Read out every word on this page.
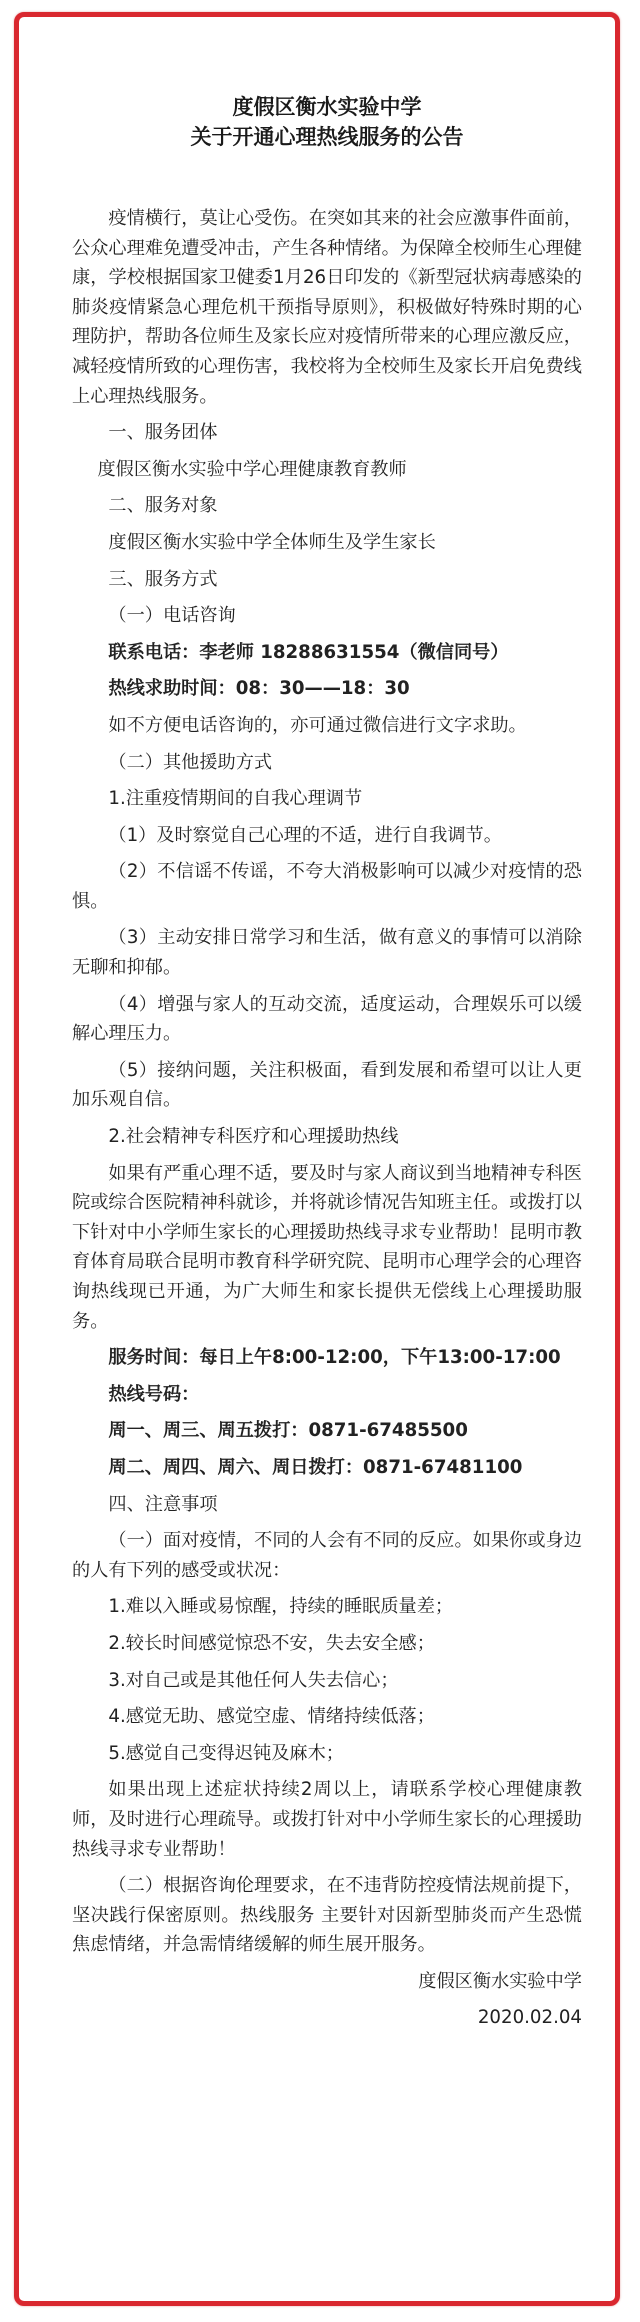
度假区衡水实验中学
关于开通心理热线服务的公告

疫情横行，莫让心受伤。在突如其来的社会应激事件面前，公众心理难免遭受冲击，产生各种情绪。为保障全校师生心理健康，学校根据国家卫健委1月26日印发的《新型冠状病毒感染的肺炎疫情紧急心理危机干预指导原则》，积极做好特殊时期的心理防护，帮助各位师生及家长应对疫情所带来的心理应激反应，减轻疫情所致的心理伤害，我校将为全校师生及家长开启免费线上心理热线服务。

一、服务团体

度假区衡水实验中学心理健康教育教师

二、服务对象

度假区衡水实验中学全体师生及学生家长

三、服务方式

（一）电话咨询

联系电话：李老师 18288631554（微信同号）

热线求助时间：08：30——18：30

如不方便电话咨询的，亦可通过微信进行文字求助。

（二）其他援助方式

1.注重疫情期间的自我心理调节

（1）及时察觉自己心理的不适，进行自我调节。

（2）不信谣不传谣，不夸大消极影响可以减少对疫情的恐惧。

（3）主动安排日常学习和生活，做有意义的事情可以消除无聊和抑郁。

（4）增强与家人的互动交流，适度运动，合理娱乐可以缓解心理压力。

（5）接纳问题，关注积极面，看到发展和希望可以让人更加乐观自信。

2.社会精神专科医疗和心理援助热线

如果有严重心理不适，要及时与家人商议到当地精神专科医院或综合医院精神科就诊，并将就诊情况告知班主任。或拨打以下针对中小学师生家长的心理援助热线寻求专业帮助！昆明市教育体育局联合昆明市教育科学研究院、昆明市心理学会的心理咨询热线现已开通，为广大师生和家长提供无偿线上心理援助服务。

服务时间：每日上午8:00-12:00，下午13:00-17:00

热线号码：

周一、周三、周五拨打：0871-67485500

周二、周四、周六、周日拨打：0871-67481100

四、注意事项

（一）面对疫情，不同的人会有不同的反应。如果你或身边的人有下列的感受或状况：

1.难以入睡或易惊醒，持续的睡眠质量差；

2.较长时间感觉惊恐不安，失去安全感；

3.对自己或是其他任何人失去信心；

4.感觉无助、感觉空虚、情绪持续低落；

5.感觉自己变得迟钝及麻木；

如果出现上述症状持续2周以上，请联系学校心理健康教师，及时进行心理疏导。或拨打针对中小学师生家长的心理援助热线寻求专业帮助！

（二）根据咨询伦理要求，在不违背防控疫情法规前提下，坚决践行保密原则。热线服务 主要针对因新型肺炎而产生恐慌焦虑情绪，并急需情绪缓解的师生展开服务。

度假区衡水实验中学

2020.02.04
